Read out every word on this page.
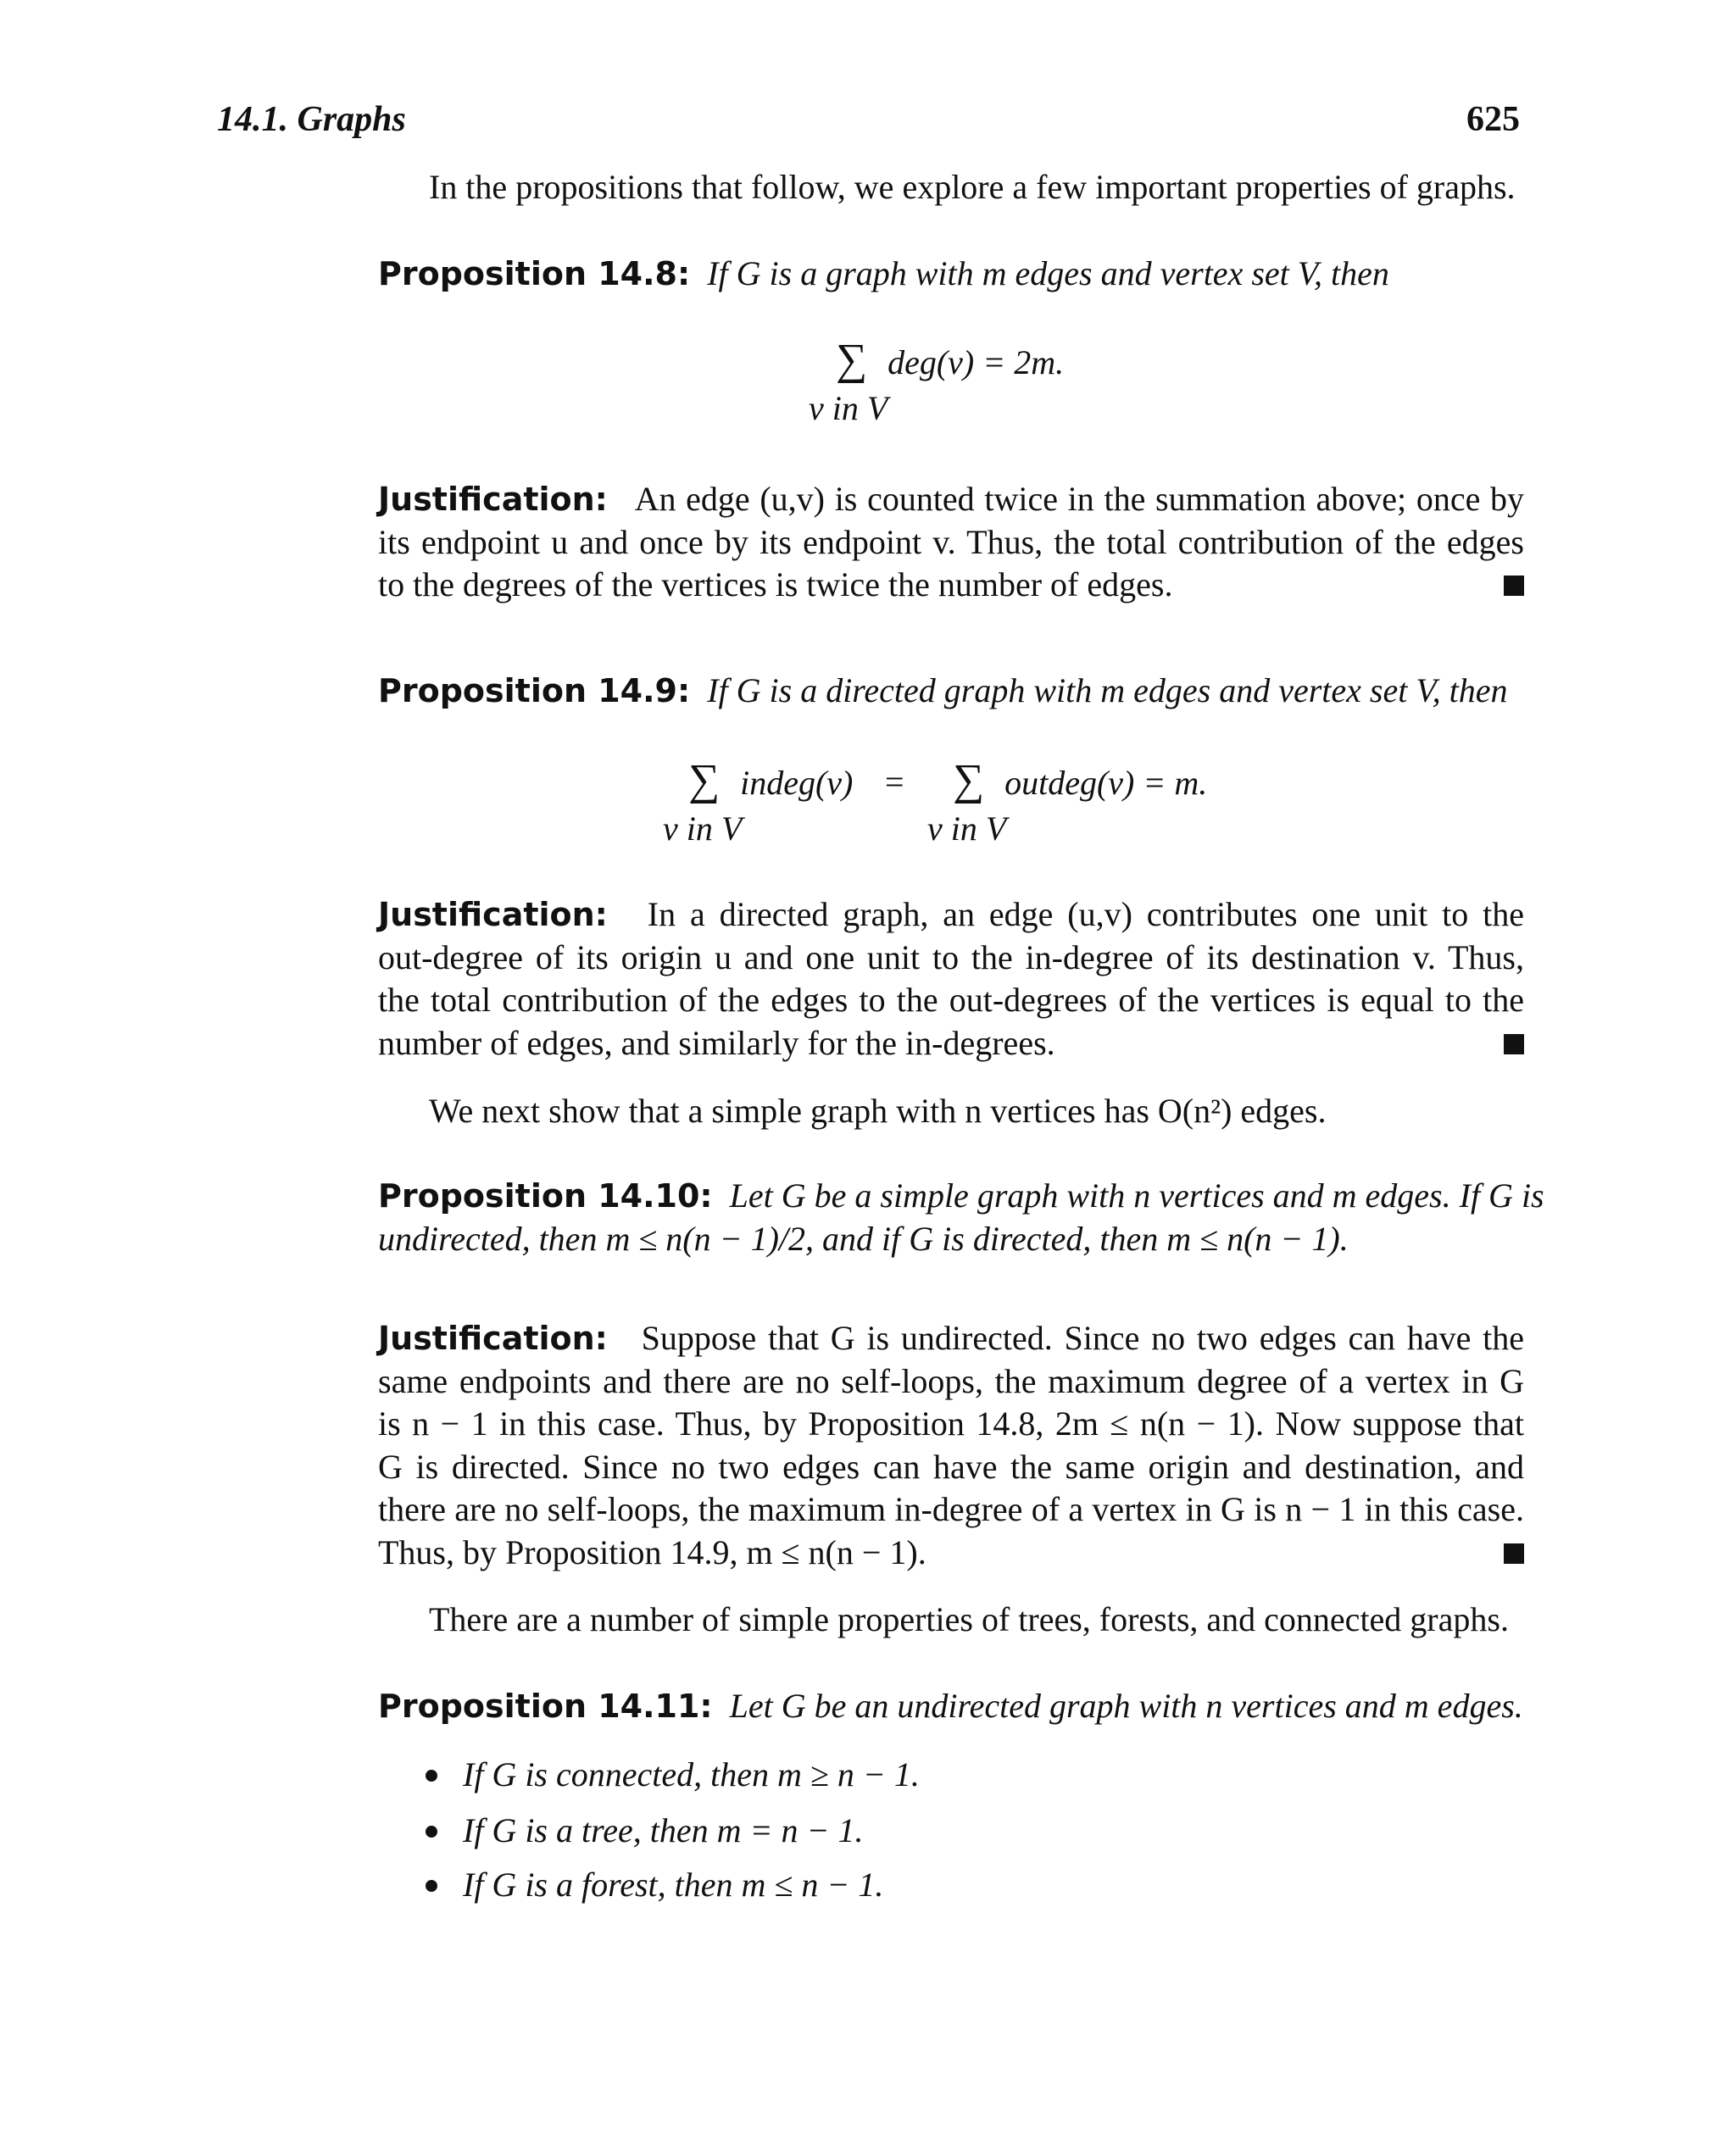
14.1. Graphs	625
In the propositions that follow, we explore a few important properties of graphs.
Proposition 14.8: If G is a graph with m edges and vertex set V, then
∑ deg(v) = 2m.
v in V
Justification: An edge (u,v) is counted twice in the summation above; once by
its endpoint u and once by its endpoint v. Thus, the total contribution of the edges
to the degrees of the vertices is twice the number of edges.
Proposition 14.9: If G is a directed graph with m edges and vertex set V, then
∑ indeg(v) = ∑ outdeg(v) = m.
v in V	v in V
Justification: In a directed graph, an edge (u,v) contributes one unit to the
out-degree of its origin u and one unit to the in-degree of its destination v. Thus,
the total contribution of the edges to the out-degrees of the vertices is equal to the
number of edges, and similarly for the in-degrees.
We next show that a simple graph with n vertices has O(n²) edges.
Proposition 14.10: Let G be a simple graph with n vertices and m edges. If G is
undirected, then m ≤ n(n − 1)/2, and if G is directed, then m ≤ n(n − 1).
Justification: Suppose that G is undirected. Since no two edges can have the
same endpoints and there are no self-loops, the maximum degree of a vertex in G
is n − 1 in this case. Thus, by Proposition 14.8, 2m ≤ n(n − 1). Now suppose that
G is directed. Since no two edges can have the same origin and destination, and
there are no self-loops, the maximum in-degree of a vertex in G is n − 1 in this case.
Thus, by Proposition 14.9, m ≤ n(n − 1).
There are a number of simple properties of trees, forests, and connected graphs.
Proposition 14.11: Let G be an undirected graph with n vertices and m edges.
If G is connected, then m ≥ n − 1.
If G is a tree, then m = n − 1.
If G is a forest, then m ≤ n − 1.
